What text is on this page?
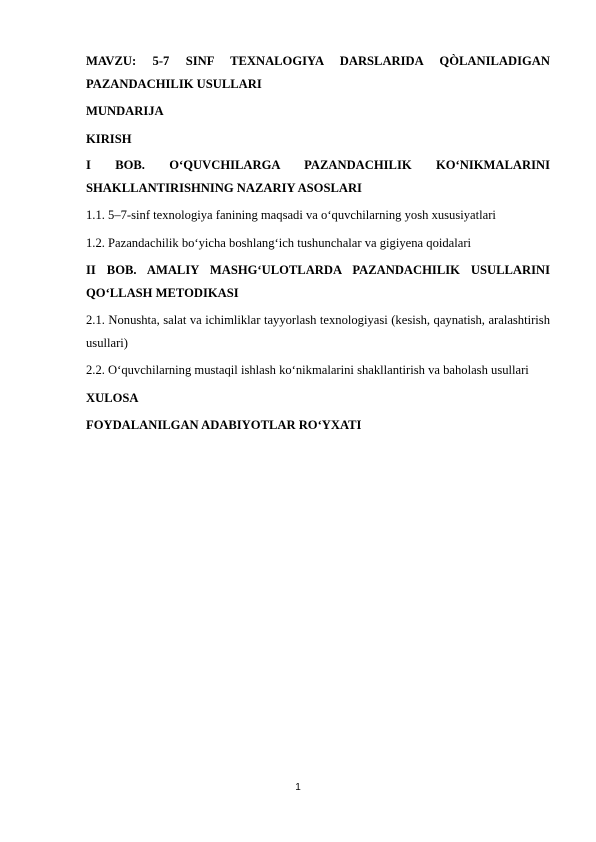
MAVZU: 5-7 SINF TEXNALOGIYA DARSLARIDA QÒLANILADIGAN PAZANDACHILIK USULLARI

MUNDARIJA

KIRISH

I BOB. O‘QUVCHILARGA PAZANDACHILIK KO‘NIKMALARINI SHAKLLANTIRISHNING NAZARIY ASOSLARI

1.1. 5–7-sinf texnologiya fanining maqsadi va o‘quvchilarning yosh xususiyatlari

1.2. Pazandachilik bo‘yicha boshlang‘ich tushunchalar va gigiyena qoidalari

II BOB. AMALIY MASHG‘ULOTLARDA PAZANDACHILIK USULLARINI QO‘LLASH METODIKASI

2.1. Nonushta, salat va ichimliklar tayyorlash texnologiyasi (kesish, qaynatish, aralashtirish usullari)

2.2. O‘quvchilarning mustaqil ishlash ko‘nikmalarini shakllantirish va baholash usullari

XULOSA

FOYDALANILGAN ADABIYOTLAR RO‘YXATI

1
